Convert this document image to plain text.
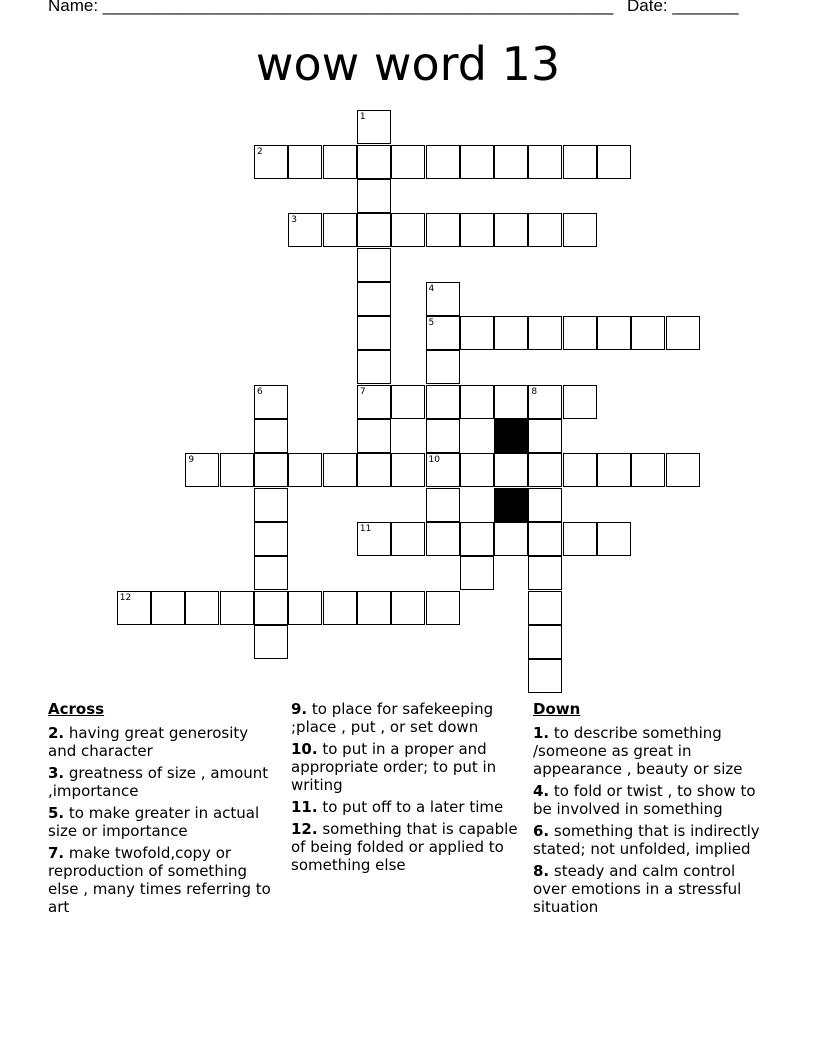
Name: ______________________________________________________ Date: _______
wow word 13
1
2
3
4
5
6	7	8
9	10
11
12
Across
2. having great generosity and character
3. greatness of size , amount ,importance
5. to make greater in actual size or importance
7. make twofold,copy or reproduction of something else , many times referring to art
9. to place for safekeeping ;place , put , or set down
10. to put in a proper and appropriate order; to put in writing
11. to put off to a later time
12. something that is capable of being folded or applied to something else
Down
1. to describe something /someone as great in appearance , beauty or size
4. to fold or twist , to show to be involved in something
6. something that is indirectly stated; not unfolded, implied
8. steady and calm control over emotions in a stressful situation
